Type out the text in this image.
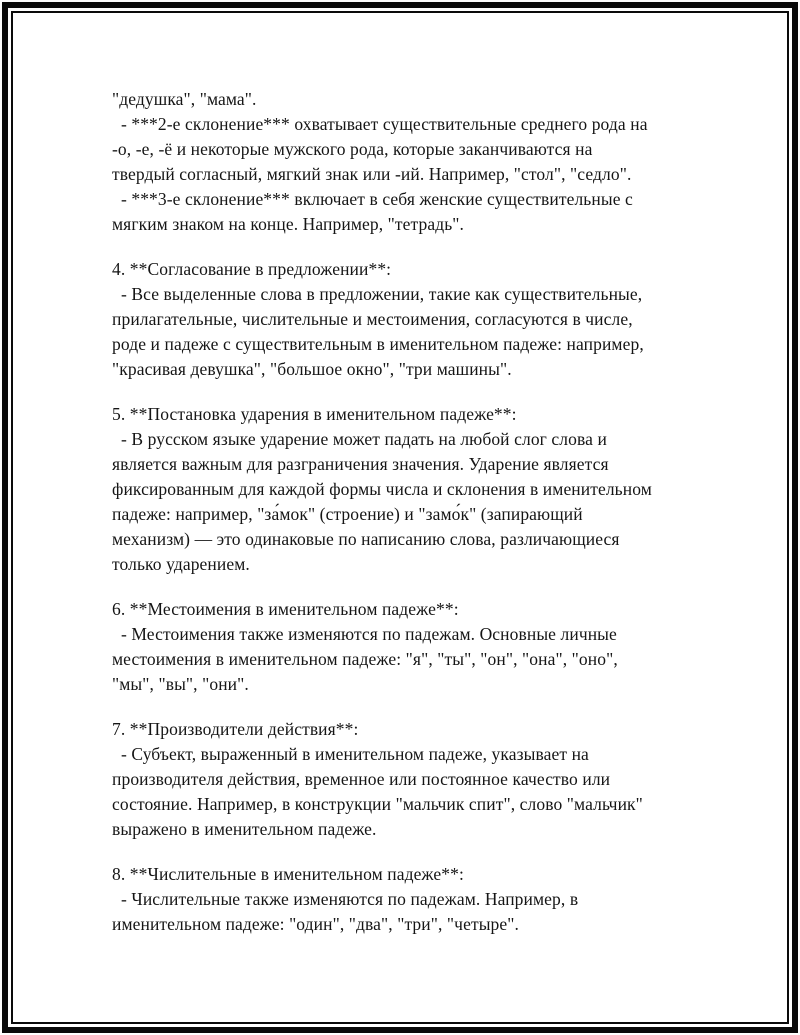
"дедушка", "мама".
- ***2-е склонение*** охватывает существительные среднего рода на
-о, -е, -ё и некоторые мужского рода, которые заканчиваются на
твердый согласный, мягкий знак или -ий. Например, "стол", "седло".
- ***3-е склонение*** включает в себя женские существительные с
мягким знаком на конце. Например, "тетрадь".
4. **Согласование в предложении**:
- Все выделенные слова в предложении, такие как существительные,
прилагательные, числительные и местоимения, согласуются в числе,
роде и падеже с существительным в именительном падеже: например,
"красивая девушка", "большое окно", "три машины".
5. **Постановка ударения в именительном падеже**:
- В русском языке ударение может падать на любой слог слова и
является важным для разграничения значения. Ударение является
фиксированным для каждой формы числа и склонения в именительном
падеже: например, "за́мок" (строение) и "замо́к" (запирающий
механизм) — это одинаковые по написанию слова, различающиеся
только ударением.
6. **Местоимения в именительном падеже**:
- Местоимения также изменяются по падежам. Основные личные
местоимения в именительном падеже: "я", "ты", "он", "она", "оно",
"мы", "вы", "они".
7. **Производители действия**:
- Субъект, выраженный в именительном падеже, указывает на
производителя действия, временное или постоянное качество или
состояние. Например, в конструкции "мальчик спит", слово "мальчик"
выражено в именительном падеже.
8. **Числительные в именительном падеже**:
- Числительные также изменяются по падежам. Например, в
именительном падеже: "один", "два", "три", "четыре".
